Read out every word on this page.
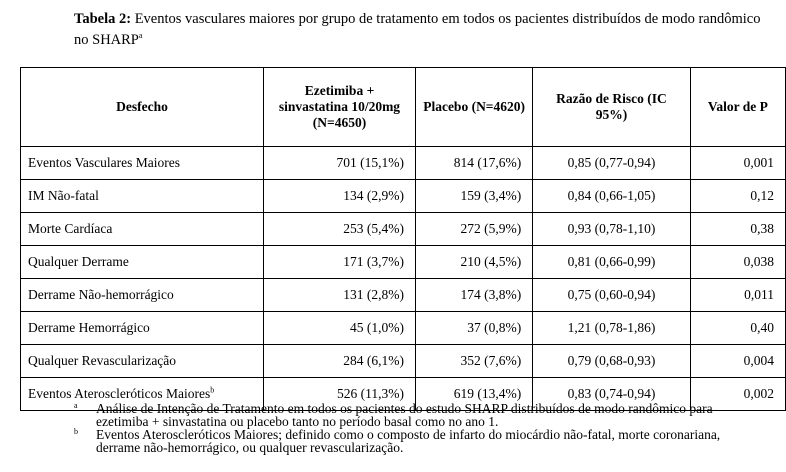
Tabela 2: Eventos vasculares maiores por grupo de tratamento em todos os pacientes distribuídos de modo randômico no SHARP$^a$
Desfecho	Ezetimiba + sinvastatina 10/20mg (N=4650)	Placebo (N=4620)	Razão de Risco (IC 95%)	Valor de P
Eventos Vasculares Maiores	701 (15,1%)	814 (17,6%)	0,85 (0,77-0,94)	0,001
IM Não-fatal	134 (2,9%)	159 (3,4%)	0,84 (0,66-1,05)	0,12
Morte Cardíaca	253 (5,4%)	272 (5,9%)	0,93 (0,78-1,10)	0,38
Qualquer Derrame	171 (3,7%)	210 (4,5%)	0,81 (0,66-0,99)	0,038
Derrame Não-hemorrágico	131 (2,8%)	174 (3,8%)	0,75 (0,60-0,94)	0,011
Derrame Hemorrágico	45 (1,0%)	37 (0,8%)	1,21 (0,78-1,86)	0,40
Qualquer Revascularização	284 (6,1%)	352 (7,6%)	0,79 (0,68-0,93)	0,004
Eventos Ateroscleróticos Maiores$^b$	526 (11,3%)	619 (13,4%)	0,83 (0,74-0,94)	0,002
a Análise de Intenção de Tratamento em todos os pacientes do estudo SHARP distribuídos de modo randômico para ezetimiba + sinvastatina ou placebo tanto no período basal como no ano 1.
b Eventos Ateroscleróticos Maiores; definido como o composto de infarto do miocárdio não-fatal, morte coronariana, derrame não-hemorrágico, ou qualquer revascularização.
